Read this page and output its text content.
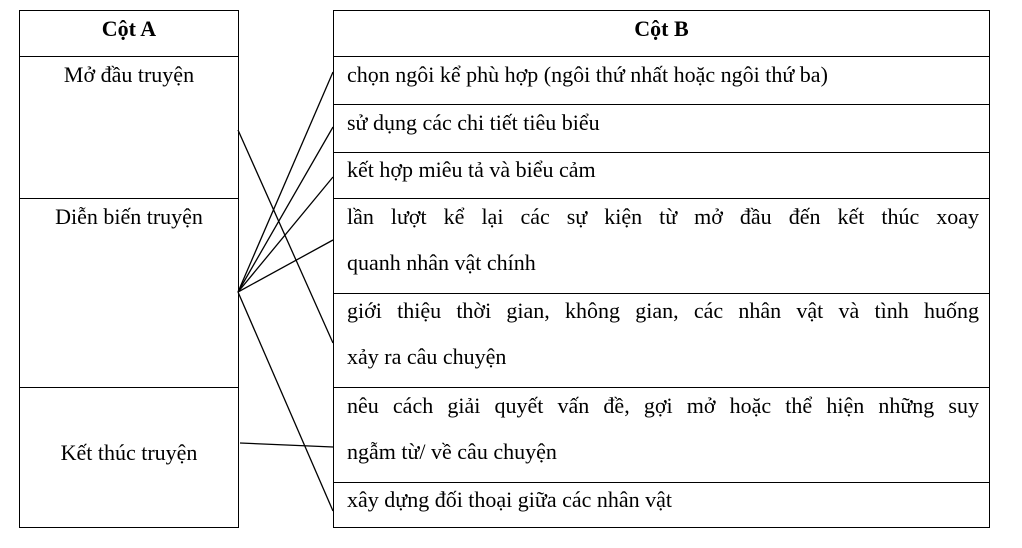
Cột A
Mở đầu truyện
Diễn biến truyện
Kết thúc truyện
Cột B
chọn ngôi kể phù hợp (ngôi thứ nhất hoặc ngôi thứ ba)
sử dụng các chi tiết tiêu biểu
kết hợp miêu tả và biểu cảm
lần lượt kể lại các sự kiện từ mở đầu đến kết thúc xoay
quanh nhân vật chính
giới thiệu thời gian, không gian, các nhân vật và tình huống
xảy ra câu chuyện
nêu cách giải quyết vấn đề, gợi mở hoặc thể hiện những suy
ngẫm từ/ về câu chuyện
xây dựng đối thoại giữa các nhân vật
